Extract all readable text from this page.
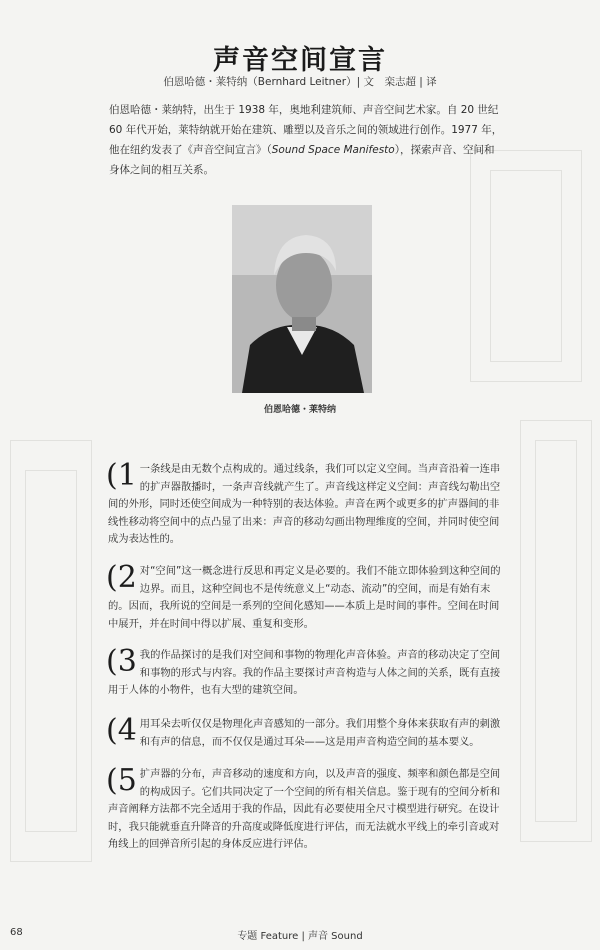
声音空间宣言
伯恩哈德・莱特纳（Bernhard Leitner）| 文　栾志超 | 译

伯恩哈德・莱纳特，出生于 1938 年，奥地利建筑师、声音空间艺术家。自 20 世纪 60 年代开始，莱特纳就开始在建筑、雕塑以及音乐之间的领域进行创作。1977 年，他在纽约发表了《声音空间宣言》（Sound Space Manifesto），探索声音、空间和身体之间的相互关系。

伯恩哈德・莱特纳
(1 一条线是由无数个点构成的。通过线条，我们可以定义空间。当声音沿着一连串的扩声器散播时，一条声音线就产生了。声音线这样定义空间：声音线勾勒出空间的外形，同时还使空间成为一种特别的表达体验。声音在两个或更多的扩声器间的非线性移动将空间中的点凸显了出来：声音的移动勾画出物理维度的空间，并同时使空间成为表达性的。
(2 对“空间”这一概念进行反思和再定义是必要的。我们不能立即体验到这种空间的边界。而且，这种空间也不是传统意义上“动态、流动”的空间，而是有始有末的。因而，我所说的空间是一系列的空间化感知——本质上是时间的事件。空间在时间中展开，并在时间中得以扩展、重复和变形。
(3 我的作品探讨的是我们对空间和事物的物理化声音体验。声音的移动决定了空间和事物的形式与内容。我的作品主要探讨声音构造与人体之间的关系，既有直接用于人体的小物件，也有大型的建筑空间。
(4 用耳朵去听仅仅是物理化声音感知的一部分。我们用整个身体来获取有声的刺激和有声的信息，而不仅仅是通过耳朵——这是用声音构造空间的基本要义。
(5 扩声器的分布，声音移动的速度和方向，以及声音的强度、频率和颜色都是空间的构成因子。它们共同决定了一个空间的所有相关信息。鉴于现有的空间分析和声音阐释方法都不完全适用于我的作品，因此有必要使用全尺寸模型进行研究。在设计时，我只能就垂直升降音的升高度或降低度进行评估，而无法就水平线上的牵引音或对角线上的回弹音所引起的身体反应进行评估。
68	专题 Feature | 声音 Sound
